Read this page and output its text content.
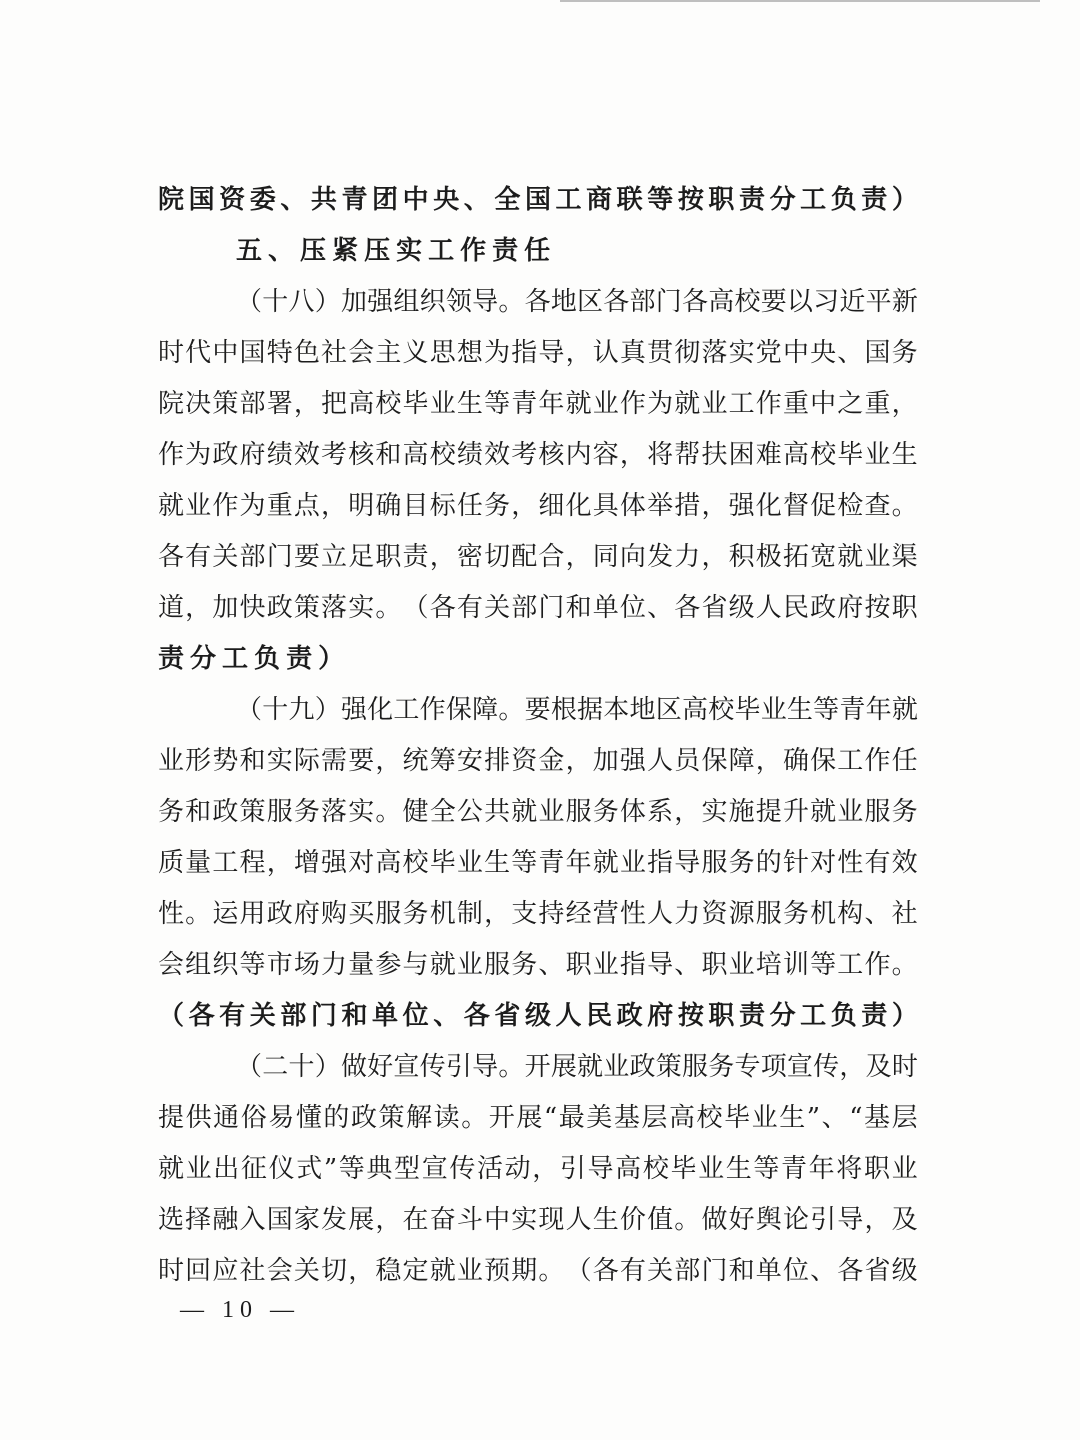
院 国 资 委 、 共 青 团 中 央 、 全 国 工 商 联 等 按 职 责 分 工 负 责 ）
五 、 压 紧 压 实 工 作 责 任
（ 十 八 ） 加 强 组 织 领 导 。 各 地 区 各 部 门 各 高 校 要 以 习 近 平 新
时 代 中 国 特 色 社 会 主 义 思 想 为 指 导 ， 认 真 贯 彻 落 实 党 中 央 、 国 务
院 决 策 部 署 ， 把 高 校 毕 业 生 等 青 年 就 业 作 为 就 业 工 作 重 中 之 重 ，
作 为 政 府 绩 效 考 核 和 高 校 绩 效 考 核 内 容 ， 将 帮 扶 困 难 高 校 毕 业 生
就 业 作 为 重 点 ， 明 确 目 标 任 务 ， 细 化 具 体 举 措 ， 强 化 督 促 检 查 。
各 有 关 部 门 要 立 足 职 责 ， 密 切 配 合 ， 同 向 发 力 ， 积 极 拓 宽 就 业 渠
道 ， 加 快 政 策 落 实 。 （ 各 有 关 部 门 和 单 位 、 各 省 级 人 民 政 府 按 职
责 分 工 负 责 ）
（ 十 九 ） 强 化 工 作 保 障 。 要 根 据 本 地 区 高 校 毕 业 生 等 青 年 就
业 形 势 和 实 际 需 要 ， 统 筹 安 排 资 金 ， 加 强 人 员 保 障 ， 确 保 工 作 任
务 和 政 策 服 务 落 实 。 健 全 公 共 就 业 服 务 体 系 ， 实 施 提 升 就 业 服 务
质 量 工 程 ， 增 强 对 高 校 毕 业 生 等 青 年 就 业 指 导 服 务 的 针 对 性 有 效
性 。 运 用 政 府 购 买 服 务 机 制 ， 支 持 经 营 性 人 力 资 源 服 务 机 构 、 社
会 组 织 等 市 场 力 量 参 与 就 业 服 务 、 职 业 指 导 、 职 业 培 训 等 工 作 。
（ 各 有 关 部 门 和 单 位 、 各 省 级 人 民 政 府 按 职 责 分 工 负 责 ）
（ 二 十 ） 做 好 宣 传 引 导 。 开 展 就 业 政 策 服 务 专 项 宣 传 ， 及 时
提 供 通 俗 易 懂 的 政 策 解 读 。 开 展 “ 最 美 基 层 高 校 毕 业 生 ” 、 “ 基 层
就 业 出 征 仪 式 ” 等 典 型 宣 传 活 动 ， 引 导 高 校 毕 业 生 等 青 年 将 职 业
选 择 融 入 国 家 发 展 ， 在 奋 斗 中 实 现 人 生 价 值 。 做 好 舆 论 引 导 ， 及
时 回 应 社 会 关 切 ， 稳 定 就 业 预 期 。 （ 各 有 关 部 门 和 单 位 、 各 省 级
— 10 —
